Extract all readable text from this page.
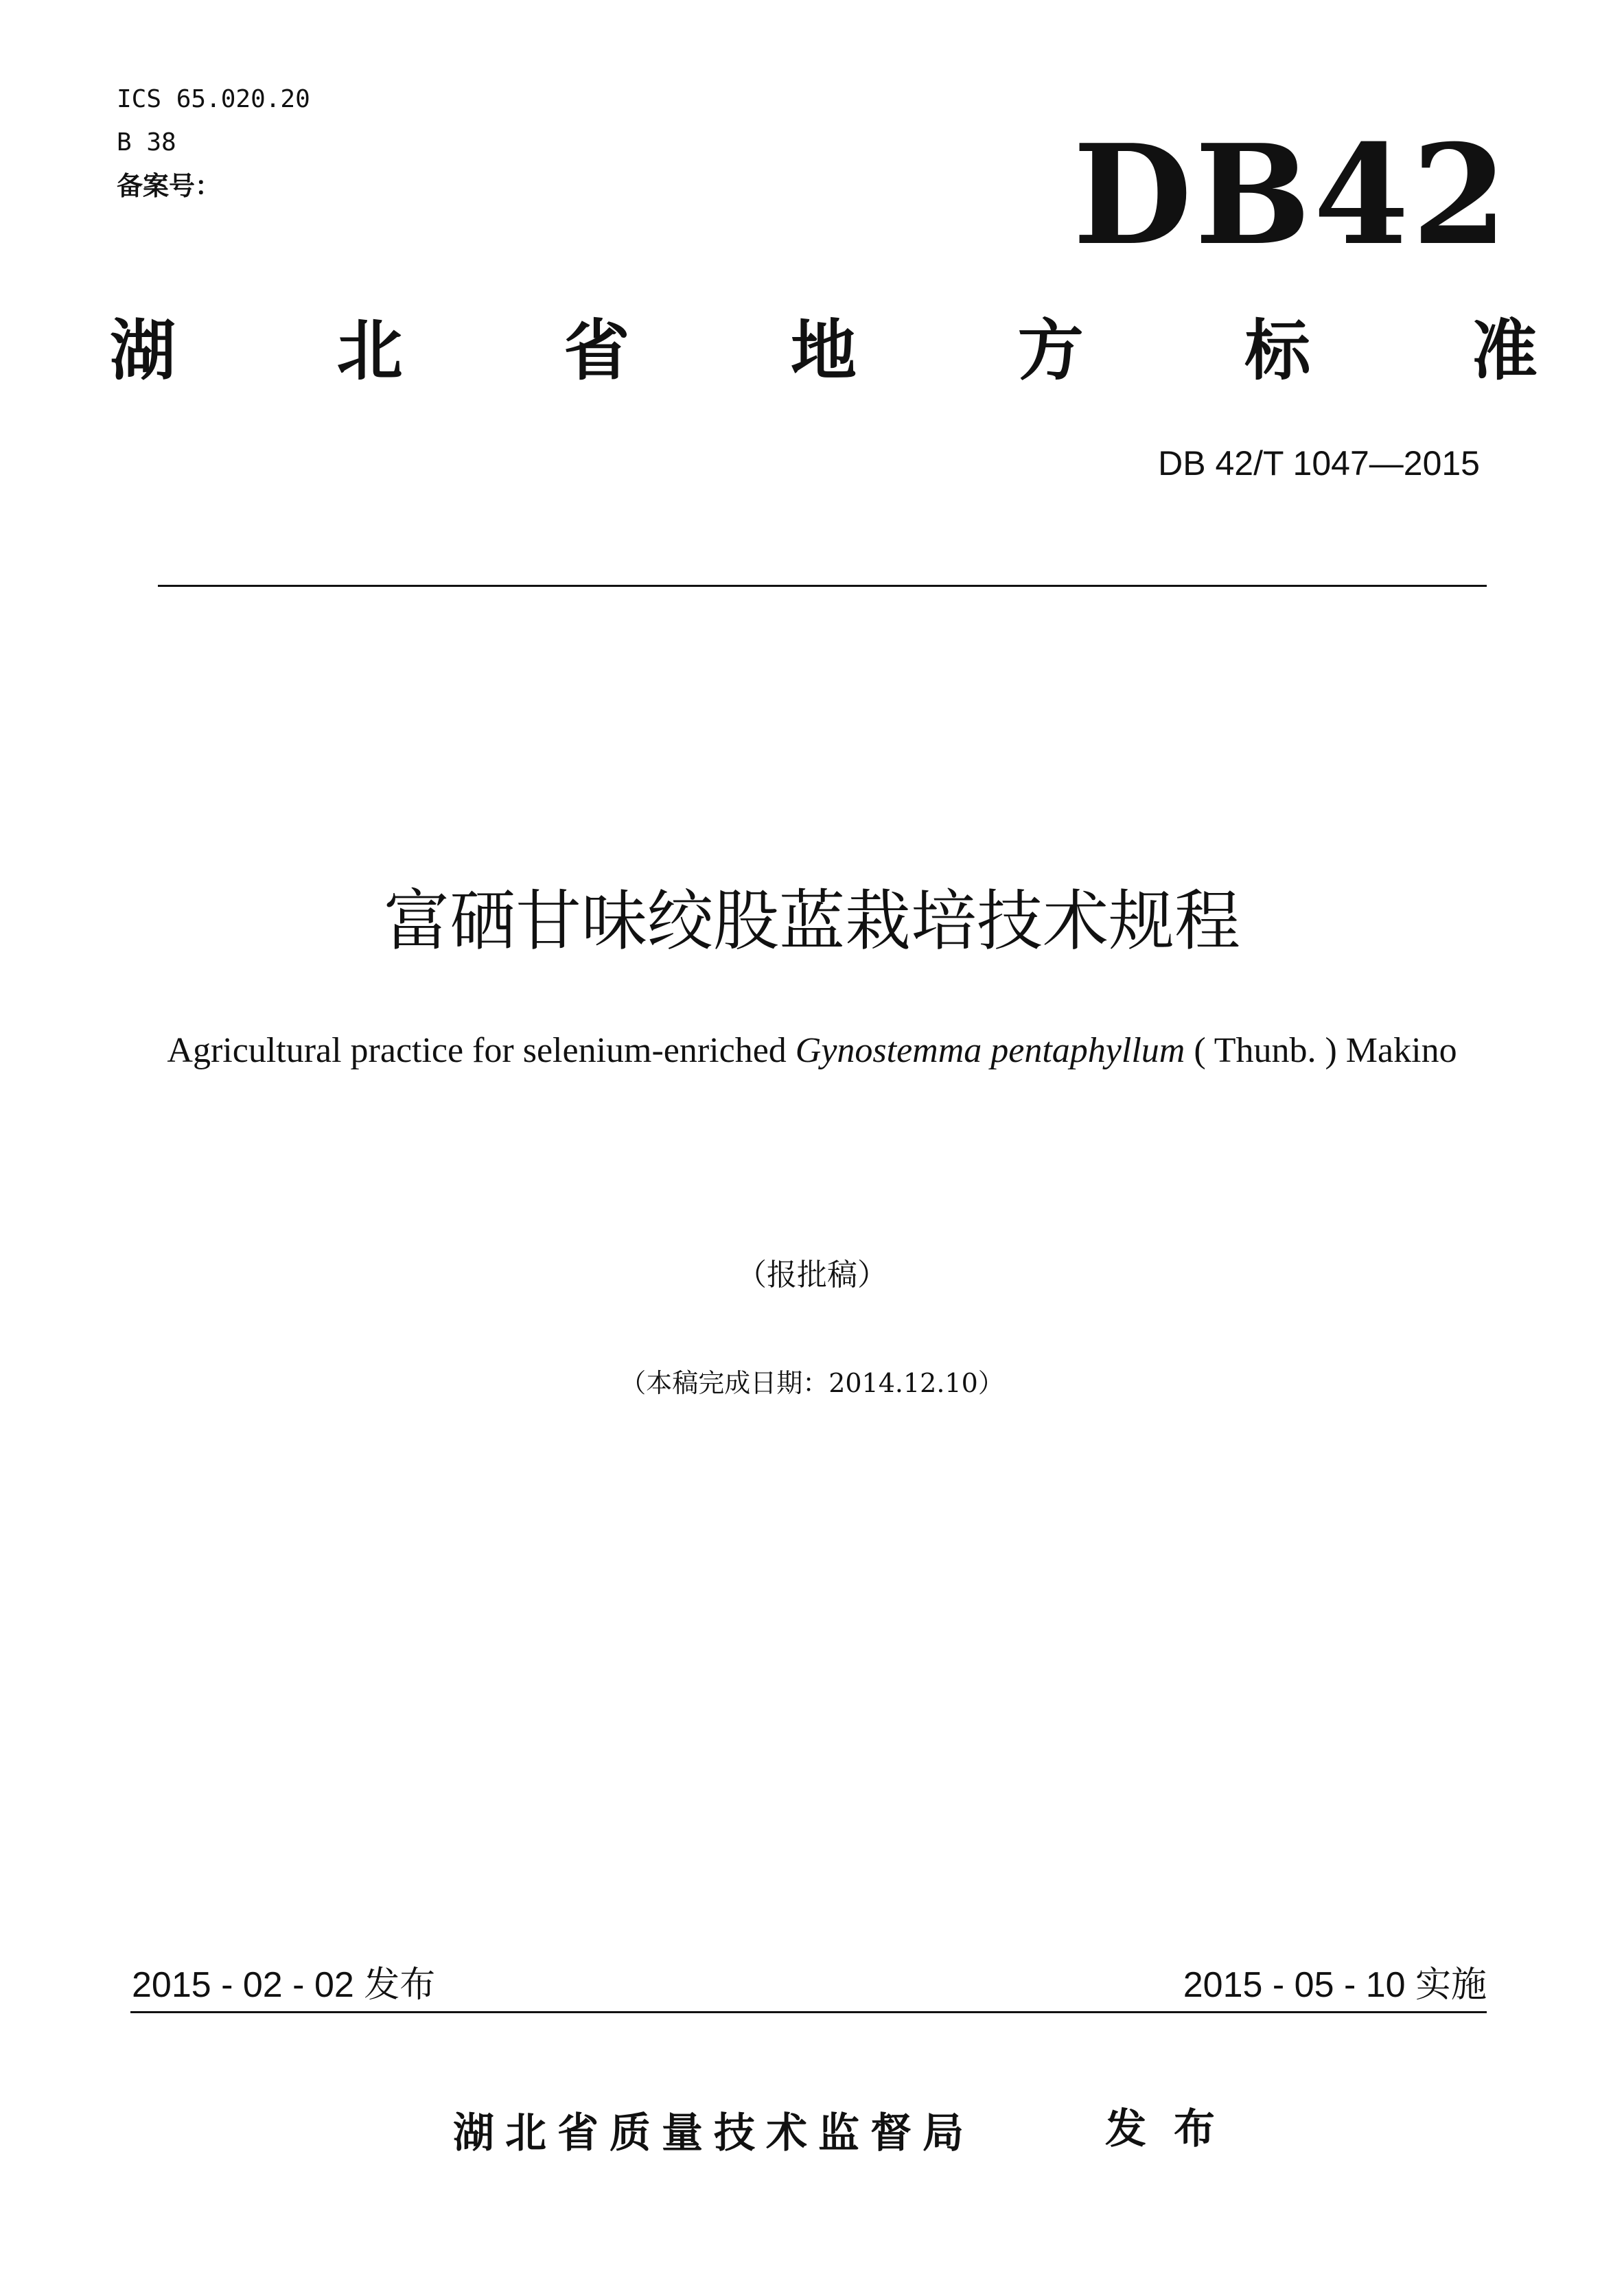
ICS 65.020.20
B 38
备案号：	DB42
湖 北 省 地 方 标 准
DB 42/T 1047—2015
富硒甘味绞股蓝栽培技术规程
Agricultural practice for selenium-enriched Gynostemma pentaphyllum ( Thunb. ) Makino
（报批稿）
（本稿完成日期：2014.12.10）
2015 - 02 - 02 发布	2015 - 05 - 10 实施
湖北省质量技术监督局	发布
